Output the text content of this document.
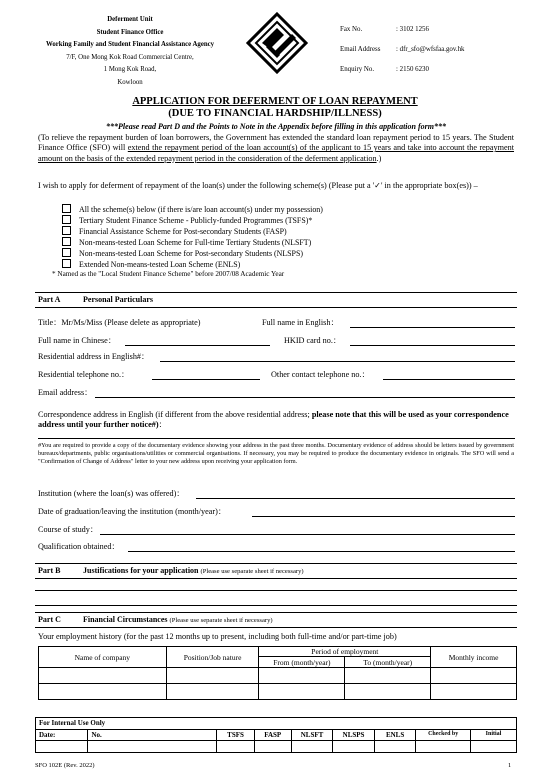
Deferment Unit
Student Finance Office
Working Family and Student Financial Assistance Agency
7/F, One Mong Kok Road Commercial Centre,
1 Mong Kok Road,
Kowloon
Fax No.	: 3102 1256
Email Address : dfr_sfo@wfsfaa.gov.hk
Enquiry No.	: 2150 6230
APPLICATION FOR DEFERMENT OF LOAN REPAYMENT
(DUE TO FINANCIAL HARDSHIP/ILLNESS)
***Please read Part D and the Points to Note in the Appendix before filling in this application form***
(To relieve the repayment burden of loan borrowers, the Government has extended the standard loan repayment period to 15 years. The Student Finance Office (SFO) will extend the repayment period of the loan account(s) of the applicant to 15 years and take into account the repayment amount on the basis of the extended repayment period in the consideration of the deferment application.)
I wish to apply for deferment of repayment of the loan(s) under the following scheme(s) (Please put a '✓' in the appropriate box(es)) –
All the scheme(s) below (if there is/are loan account(s) under my possession)
Tertiary Student Finance Scheme - Publicly-funded Programmes (TSFS)*
Financial Assistance Scheme for Post-secondary Students (FASP)
Non-means-tested Loan Scheme for Full-time Tertiary Students (NLSFT)
Non-means-tested Loan Scheme for Post-secondary Students (NLSPS)
Extended Non-means-tested Loan Scheme (ENLS)
* Named as the "Local Student Finance Scheme" before 2007/08 Academic Year
Part A	Personal Particulars
Title：Mr/Ms/Miss (Please delete as appropriate)	Full name in English：
Full name in Chinese：	HKID card no.：
Residential address in English#：
Residential telephone no.：	Other contact telephone no.：
Email address：
Correspondence address in English (if different from the above residential address; please note that this will be used as your correspondence address until your further notice#)：
#You are required to provide a copy of the documentary evidence showing your address in the past three months. Documentary evidence of address should be letters issued by government bureaux/departments, public organisations/utilities or commercial organisations. If necessary, you may be required to produce the documentary evidence in originals. The SFO will send a "Confirmation of Change of Address" letter to your new address upon receiving your application form.
Institution (where the loan(s) was offered)：
Date of graduation/leaving the institution (month/year)：
Course of study：
Qualification obtained：
Part B	Justifications for your application (Please use separate sheet if necessary)
Part C	Financial Circumstances (Please use separate sheet if necessary)
Your employment history (for the past 12 months up to present, including both full-time and/or part-time job)
Name of company	Position/Job nature	Period of employment		Monthly income
		From (month/year)	To (month/year)	

For Internal Use Only								
Date:	No.	TSFS	FASP	NLSFT	NLSPS	ENLS	Checked by	Initial

SFO 102E (Rev. 2022)	1
